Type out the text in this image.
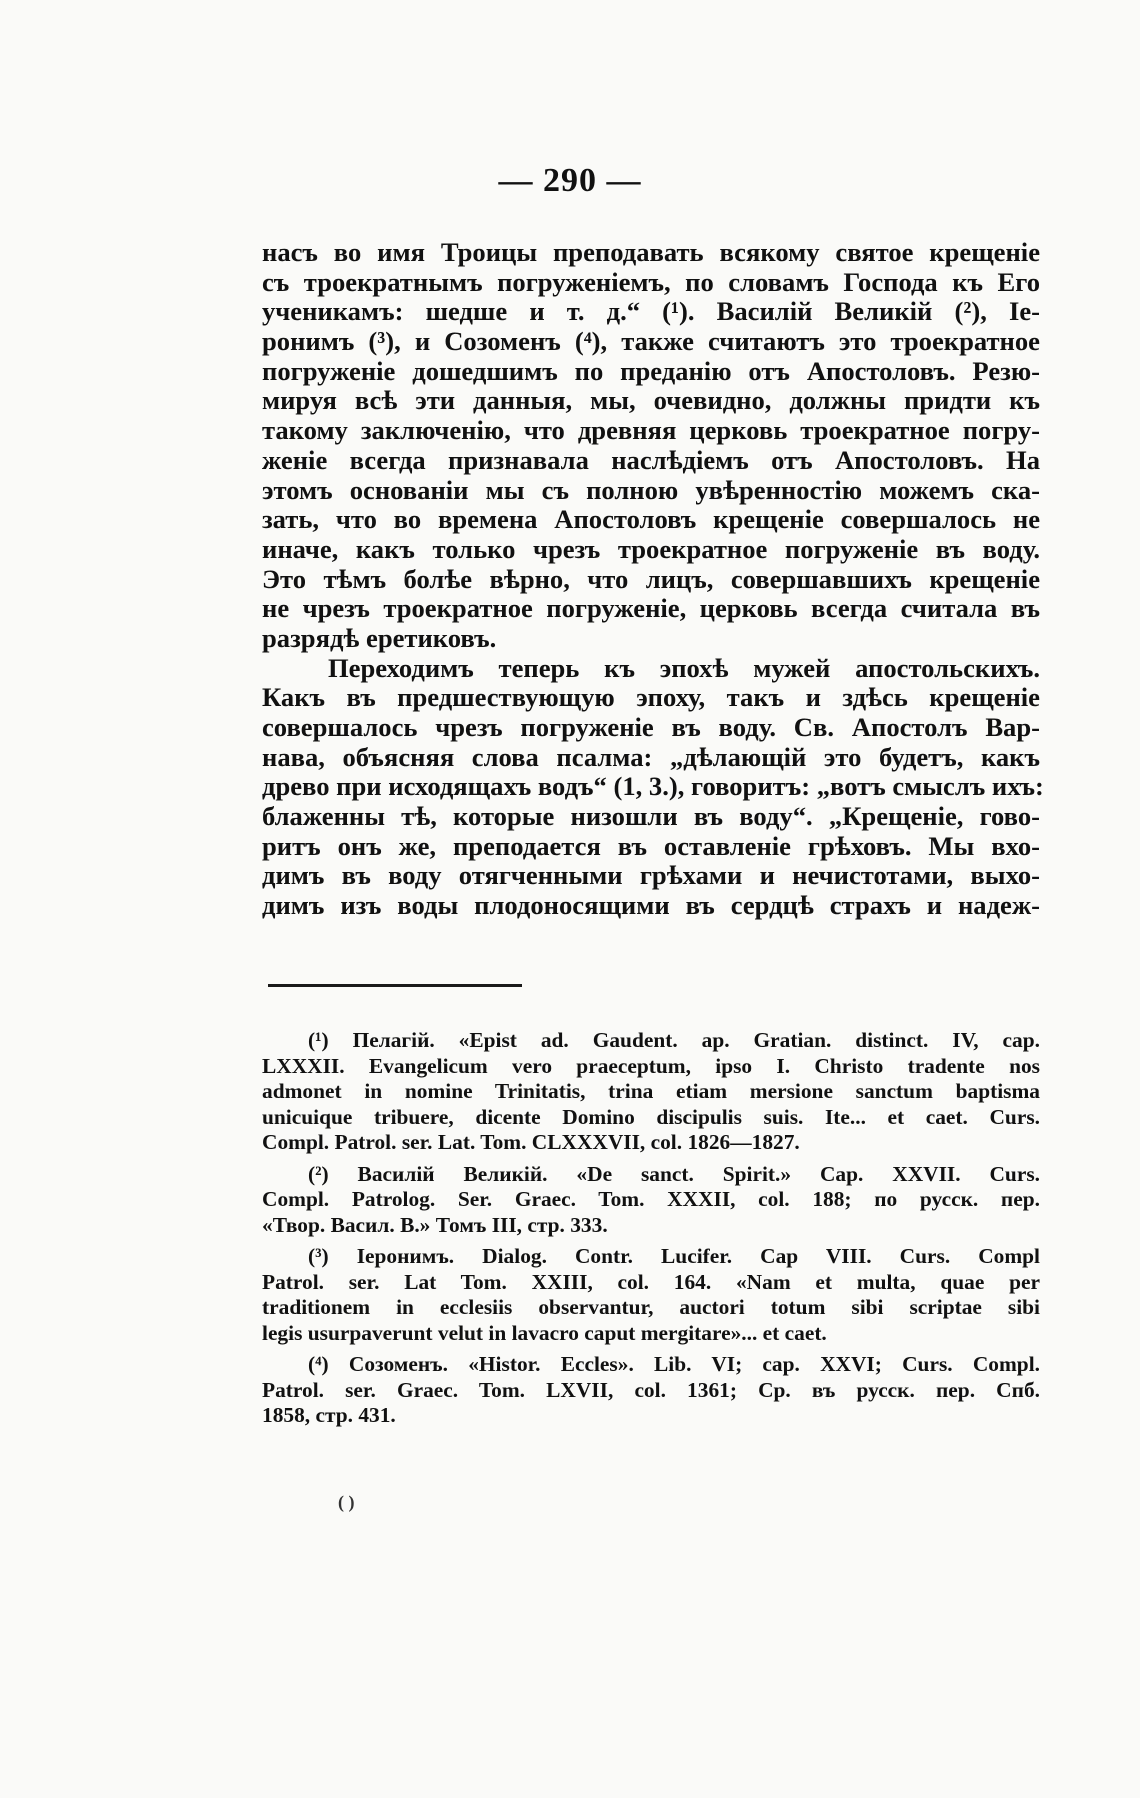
— 290 —
насъ во имя Троицы преподавать всякому святое крещеніе
съ троекратнымъ погруженіемъ, по словамъ Господа къ Его
ученикамъ: шедше и т. д.“ (¹). Василій Великій (²), Ie-
ронимъ (³), и Созоменъ (⁴), также считаютъ это троекратное
погруженіе дошедшимъ по преданію отъ Апостоловъ. Резю-
мируя всѣ эти данныя, мы, очевидно, должны придти къ
такому заключенію, что древняя церковь троекратное погру-
женіе всегда признавала наслѣдіемъ отъ Апостоловъ. На
этомъ основаніи мы съ полною увѣренностію можемъ ска-
зать, что во времена Апостоловъ крещеніе совершалось не
иначе, какъ только чрезъ троекратное погруженіе въ воду.
Это тѣмъ болѣе вѣрно, что лицъ, совершавшихъ крещеніе
не чрезъ троекратное погруженіе, церковь всегда считала въ
разрядѣ еретиковъ.
Переходимъ теперь къ эпохѣ мужей апостольскихъ.
Какъ въ предшествующую эпоху, такъ и здѣсь крещеніе
совершалось чрезъ погруженіе въ воду. Св. Апостолъ Вар-
нава, объясняя слова псалма: „дѣлающій это будетъ, какъ
древо при исходящахъ водъ“ (1, 3.), говоритъ: „вотъ смыслъ ихъ:
блаженны тѣ, которые низошли въ воду“. „Крещеніе, гово-
ритъ онъ же, преподается въ оставленіе грѣховъ. Мы вхо-
димъ въ воду отягченными грѣхами и нечистотами, выхо-
димъ изъ воды плодоносящими въ сердцѣ страхъ и надеж-
(¹) Пелагій. «Epist ad. Gaudent. ap. Gratian. distinct. IV, cap.
LXXXII. Evangelicum vero praeceptum, ipso I. Christo tradente nos
admonet in nomine Trinitatis, trina etiam mersione sanctum baptisma
unicuique tribuere, dicente Domino discipulis suis. Ite... et caet. Curs.
Compl. Patrol. ser. Lat. Tom. CLXXXVII, col. 1826—1827.
(²) Василій Великій. «De sanct. Spirit.» Cap. XXVII. Curs.
Compl. Patrolog. Ser. Graec. Tom. XXXII, col. 188; по русск. пер.
«Твор. Васил. В.» Томъ III, стр. 333.
(³) Iеронимъ. Dialog. Contr. Lucifer. Cap VIII. Curs. Compl
Patrol. ser. Lat Tom. XXIII, col. 164. «Nam et multa, quae per
traditionem in ecclesiis observantur, auctori totum sibi scriptae sibi
legis usurpaverunt velut in lavacro caput mergitare»... et caet.
(⁴) Созоменъ. «Histor. Eccles». Lib. VI; cap. XXVI; Curs. Compl.
Patrol. ser. Graec. Tom. LXVII, col. 1361; Ср. въ русск. пер. Спб.
1858, стр. 431.
( )
